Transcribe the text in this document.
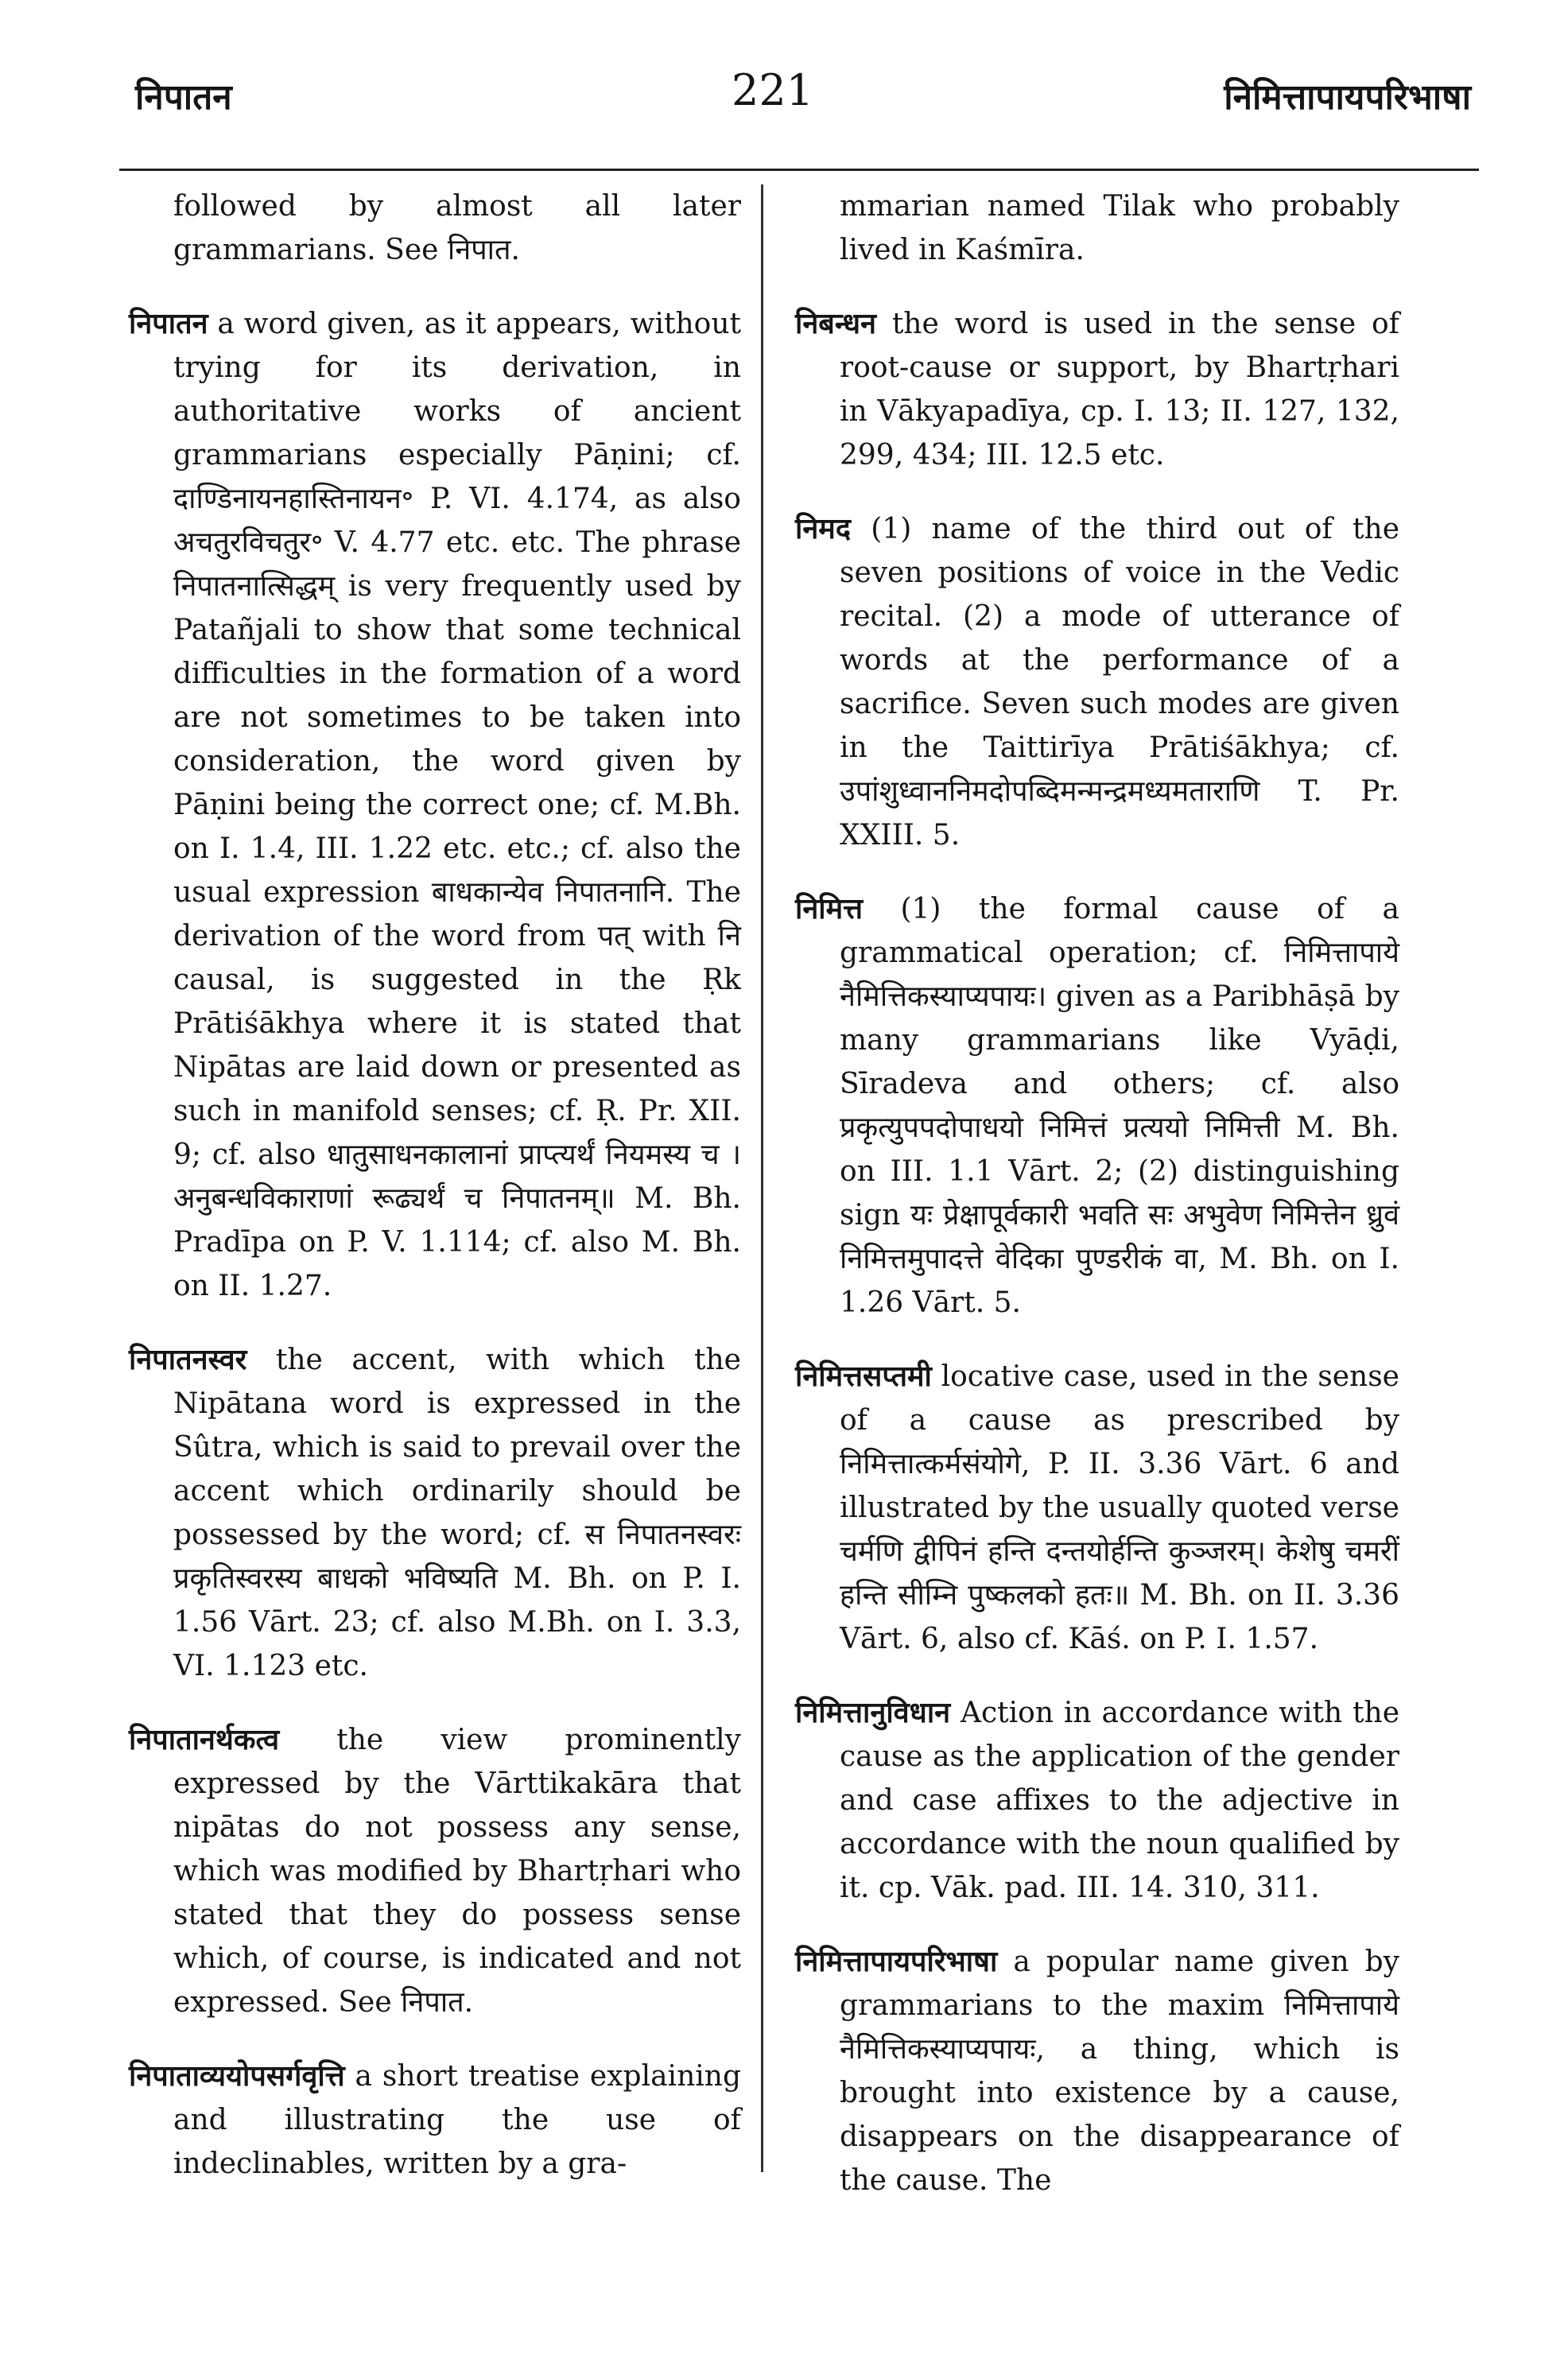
निपातन	221	निमित्तापायपरिभाषा

followed by almost all later grammarians. See निपात.

निपातन a word given, as it appears, without trying for its derivation, in authoritative works of ancient grammarians especially Pāṇini; cf. दाण्डिनायनहास्तिनायन॰ P. VI. 4.174, as also अचतुरविचतुर॰ V. 4.77 etc. etc. The phrase निपातनात्सिद्धम् is very frequently used by Patañjali to show that some technical difficulties in the formation of a word are not sometimes to be taken into consideration, the word given by Pāṇini being the correct one; cf. M.Bh. on I. 1.4, III. 1.22 etc. etc.; cf. also the usual expression बाधकान्येव निपातनानि. The derivation of the word from पत् with नि causal, is suggested in the Ṛk Prātiśākhya where it is stated that Nipātas are laid down or presented as such in manifold senses; cf. Ṛ. Pr. XII. 9; cf. also धातुसाधनकालानां प्राप्त्यर्थं नियमस्य च । अनुबन्धविकाराणां रूढ्यर्थं च निपातनम्॥ M. Bh. Pradīpa on P. V. 1.114; cf. also M. Bh. on II. 1.27.

निपातनस्वर the accent, with which the Nipātana word is expressed in the Sûtra, which is said to prevail over the accent which ordinarily should be possessed by the word; cf. स निपातनस्वरः प्रकृतिस्वरस्य बाधको भविष्यति M. Bh. on P. I. 1.56 Vārt. 23; cf. also M.Bh. on I. 3.3, VI. 1.123 etc.

निपातानर्थकत्व the view prominently expressed by the Vārttikakāra that nipātas do not possess any sense, which was modified by Bhartṛhari who stated that they do possess sense which, of course, is indicated and not expressed. See निपात.

निपाताव्ययोपसर्गवृत्ति a short treatise explaining and illustrating the use of indeclinables, written by a gra-

mmarian named Tilak who probably lived in Kaśmīra.

निबन्धन the word is used in the sense of root-cause or support, by Bhartṛhari in Vākyapadīya, cp. I. 13; II. 127, 132, 299, 434; III. 12.5 etc.

निमद (1) name of the third out of the seven positions of voice in the Vedic recital. (2) a mode of utterance of words at the performance of a sacrifice. Seven such modes are given in the Taittirīya Prātiśākhya; cf. उपांशुध्वाननिमदोपब्दिमन्मन्द्रमध्यमताराणि T. Pr. XXIII. 5.

निमित्त (1) the formal cause of a grammatical operation; cf. निमित्तापाये नैमित्तिकस्याप्यपायः। given as a Paribhāṣā by many grammarians like Vyāḍi, Sīradeva and others; cf. also प्रकृत्युपपदोपाधयो निमित्तं प्रत्ययो निमित्ती M. Bh. on III. 1.1 Vārt. 2; (2) distinguishing sign यः प्रेक्षापूर्वकारी भवति सः अभुवेण निमित्तेन ध्रुवं निमित्तमुपादत्ते वेदिका पुण्डरीकं वा, M. Bh. on I. 1.26 Vārt. 5.

निमित्तसप्तमी locative case, used in the sense of a cause as prescribed by निमित्तात्कर्मसंयोगे, P. II. 3.36 Vārt. 6 and illustrated by the usually quoted verse चर्मणि द्वीपिनं हन्ति दन्तयोर्हन्ति कुञ्जरम्। केशेषु चमरीं हन्ति सीम्नि पुष्कलको हतः॥ M. Bh. on II. 3.36 Vārt. 6, also cf. Kāś. on P. I. 1.57.

निमित्तानुविधान Action in accordance with the cause as the application of the gender and case affixes to the adjective in accordance with the noun qualified by it. cp. Vāk. pad. III. 14. 310, 311.

निमित्तापायपरिभाषा a popular name given by grammarians to the maxim निमित्तापाये नैमित्तिकस्याप्यपायः, a thing, which is brought into existence by a cause, disappears on the disappearance of the cause. The
